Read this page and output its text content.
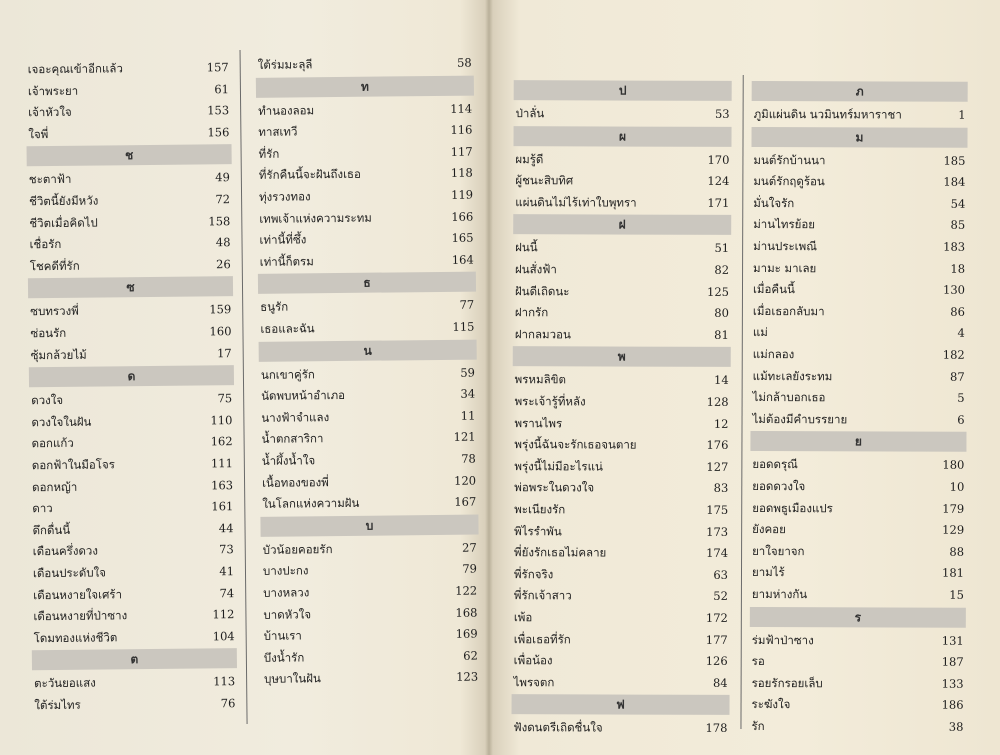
เจอะคุณเข้าอีกแล้ว	157
เจ้าพระยา	61
เจ้าหัวใจ	153
ใจพี่	156
ช
ชะตาฟ้า	49
ชีวิตนี้ยังมีหวัง	72
ชีวิตเมื่อคิดไป	158
เชื่อรัก	48
โชคดีที่รัก	26
ซ
ซบทรวงพี่	159
ซ่อนรัก	160
ซุ้มกล้วยไม้	17
ด
ดวงใจ	75
ดวงใจในฝัน	110
ดอกแก้ว	162
ดอกฟ้าในมือโจร	111
ดอกหญ้า	163
ดาว	161
ดึกดื่นนี้	44
เดือนครึ่งดวง	73
เดือนประดับใจ	41
เดือนหงายใจเศร้า	74
เดือนหงายที่ป่าซาง	112
โดมทองแห่งชีวิต	104
ต
ตะวันยอแสง	113
ใต้ร่มไทร	76
ใต้ร่มมะลุลี	58
ท
ทำนองลอม	114
ทาสเทวี	116
ที่รัก	117
ที่รักคืนนี้จะฝันถึงเธอ	118
ทุ่งรวงทอง	119
เทพเจ้าแห่งความระทม	166
เท่านี้ที่ซึ้ง	165
เท่านี้ก็ตรม	164
ธ
ธนูรัก	77
เธอและฉัน	115
น
นกเขาคู่รัก	59
นัดพบหน้าอำเภอ	34
นางฟ้าจำแลง	11
น้ำตกสาริกา	121
น้ำผึ้งน้ำใจ	78
เนื้อทองของพี่	120
ในโลกแห่งความฝัน	167
บ
บัวน้อยคอยรัก	27
บางปะกง	79
บางหลวง	122
บาดหัวใจ	168
บ้านเรา	169
บึงน้ำรัก	62
บุษบาในฝัน	123
ป
ป่าลั่น	53
ผ
ผมรู้ดี	170
ผู้ชนะสิบทิศ	124
แผ่นดินไม่ไร้เท่าใบพุทรา	171
ฝ
ฝนนี้	51
ฝนสั่งฟ้า	82
ฝันดีเถิดนะ	125
ฝากรัก	80
ฝากลมวอน	81
พ
พรหมลิขิต	14
พระเจ้ารู้ที่หลัง	128
พรานไพร	12
พรุ่งนี้ฉันจะรักเธอจนตาย	176
พรุ่งนี้ไม่มีอะไรแน่	127
พ่อพระในดวงใจ	83
พะเนียงรัก	175
พิไรรำพัน	173
พี่ยังรักเธอไม่คลาย	174
พี่รักจริง	63
พี่รักเจ้าสาว	52
เพ้อ	172
เพื่อเธอที่รัก	177
เพื่อน้อง	126
ไพรจตก	84
ฟ
ฟังดนตรีเถิดชื่นใจ	178
ภ
ภูมิแผ่นดิน นวมินทร์มหาราชา	1
ม
มนต์รักบ้านนา	185
มนต์รักฤดูร้อน	184
มั่นใจรัก	54
ม่านไทรย้อย	85
ม่านประเพณี	183
มามะ มาเลย	18
เมื่อคืนนี้	130
เมื่อเธอกลับมา	86
แม่	4
แม่กลอง	182
แม้ทะเลยังระทม	87
ไม่กล้าบอกเธอ	5
ไม่ต้องมีคำบรรยาย	6
ย
ยอดดรุณี	180
ยอดดวงใจ	10
ยอดพธูเมืองแปร	179
ยังคอย	129
ยาใจยาจก	88
ยามไร้	181
ยามห่างกัน	15
ร
ร่มฟ้าป่าซาง	131
รอ	187
รอยรักรอยเล็บ	133
ระฆังใจ	186
รัก	38
